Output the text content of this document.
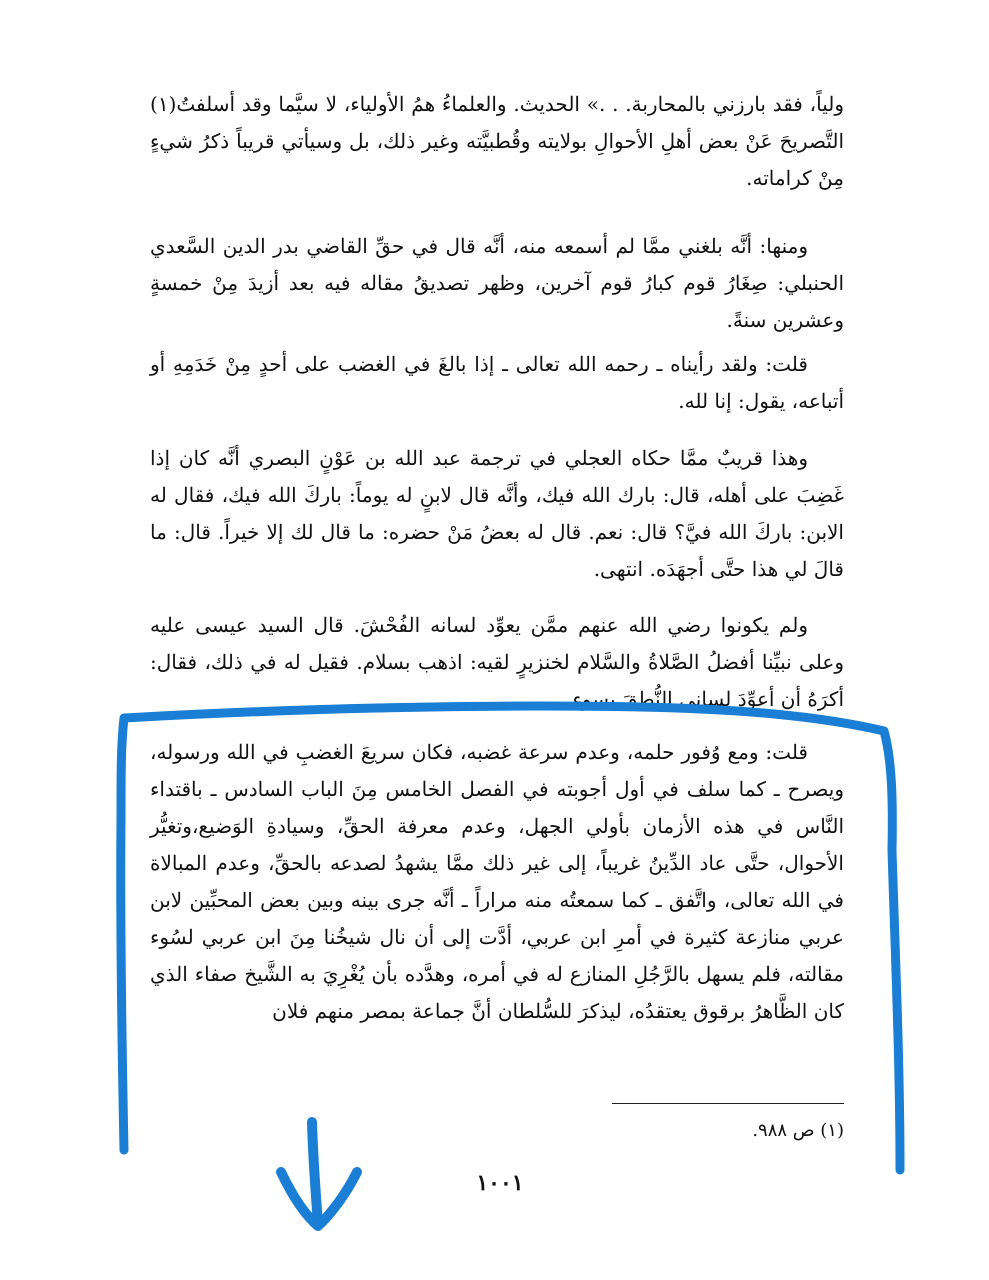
ولياً، فقد بارزني بالمحاربة. . .» الحديث. والعلماءُ همُ الأولياء، لا سيَّما وقد أسلفتُ(١) التَّصريحَ عَنْ بعض أهلِ الأحوالِ بولايته وقُطبيَّته وغير ذلك، بل وسيأتي قريباً ذكرُ شيءٍ مِنْ كراماته.
ومنها: أنَّه بلغني ممَّا لم أسمعه منه، أنَّه قال في حقِّ القاضي بدر الدين السَّعدي الحنبلي: صِغَارُ قوم كبارُ قوم آخرين، وظهر تصديقُ مقاله فيه بعد أزيدَ مِنْ خمسةٍ وعشرين سنةً.
قلت: ولقد رأيناه ـ رحمه الله تعالى ـ إذا بالغَ في الغضب على أحدٍ مِنْ خَدَمِهِ أو أتباعه، يقول: إنا لله.
وهذا قريبٌ ممَّا حكاه العجلي في ترجمة عبد الله بن عَوْنٍ البصري أنَّه كان إذا غَضِبَ على أهله، قال: بارك الله فيك، وأنَّه قال لابنٍ له يوماً: باركَ الله فيك، فقال له الابن: باركَ الله فيَّ؟ قال: نعم. قال له بعضُ مَنْ حضره: ما قال لك إلا خيراً. قال: ما قالَ لي هذا حتَّى أجهَدَه. انتهى.
ولم يكونوا رضي الله عنهم ممَّن يعوِّد لسانه الفُحْشَ. قال السيد عيسى عليه وعلى نبيِّنا أفضلُ الصَّلاةُ والسَّلام لخنزيرٍ لقيه: اذهب بسلام. فقيل له في ذلك، فقال: أكرَهُ أن أعوِّدَ لساني النُّطقَ بسوء.
قلت: ومع وُفور حلمه، وعدم سرعة غضبه، فكان سريعَ الغضبِ في الله ورسوله، ويصرح ـ كما سلف في أول أجوبته في الفصل الخامس مِنَ الباب السادس ـ باقتداء النَّاس في هذه الأزمان بأولي الجهل، وعدم معرفة الحقِّ، وسيادةِ الوَضيع،وتغيُّر الأحوال، حتَّى عاد الدِّينُ غريباً، إلى غير ذلك ممَّا يشهدُ لصدعه بالحقِّ، وعدم المبالاة في الله تعالى، واتَّفق ـ كما سمعتُه منه مراراً ـ أنَّه جرى بينه وبين بعض المحبِّين لابن عربي منازعة كثيرة في أمرِ ابن عربي، أدَّت إلى أن نال شيخُنا مِنَ ابن عربي لسُوء مقالته، فلم يسهل بالرَّجُلِ المنازع له في أمره، وهدَّده بأن يُغْرِيَ به الشَّيخ صفاء الذي كان الظَّاهرُ برقوق يعتقدُه، ليذكرَ للسُّلطان أنَّ جماعة بمصر منهم فلان
(١) ص ٩٨٨.
١٠٠١
